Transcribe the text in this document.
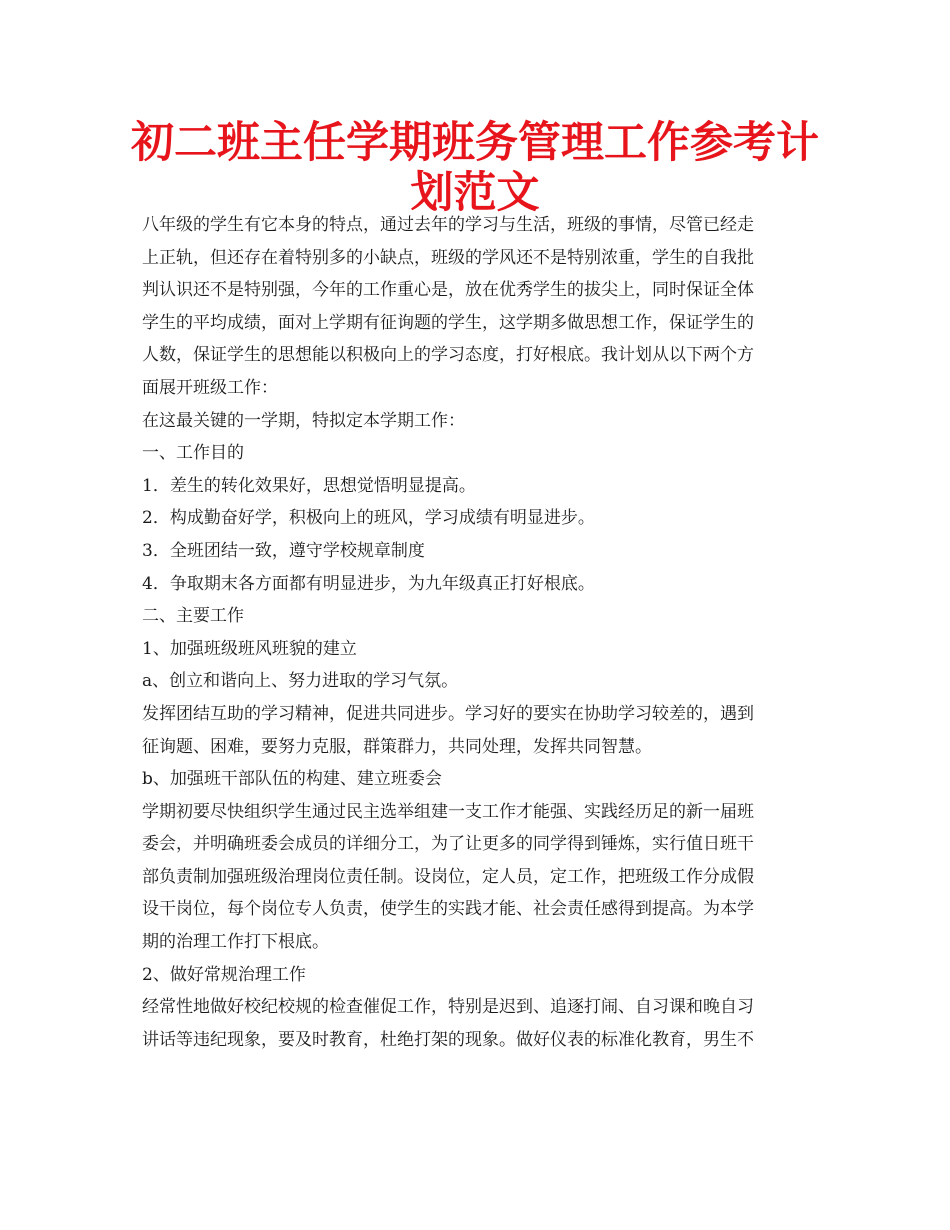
初二班主任学期班务管理工作参考计划范文
八年级的学生有它本身的特点，通过去年的学习与生活，班级的事情，尽管已经走
上正轨，但还存在着特别多的小缺点，班级的学风还不是特别浓重，学生的自我批
判认识还不是特别强，今年的工作重心是，放在优秀学生的拔尖上，同时保证全体
学生的平均成绩，面对上学期有征询题的学生，这学期多做思想工作，保证学生的
人数，保证学生的思想能以积极向上的学习态度，打好根底。我计划从以下两个方
面展开班级工作：
在这最关键的一学期，特拟定本学期工作：
一、工作目的
1．差生的转化效果好，思想觉悟明显提高。
2．构成勤奋好学，积极向上的班风，学习成绩有明显进步。
3．全班团结一致，遵守学校规章制度
4．争取期末各方面都有明显进步，为九年级真正打好根底。
二、主要工作
1、加强班级班风班貌的建立
a、创立和谐向上、努力进取的学习气氛。
发挥团结互助的学习精神，促进共同进步。学习好的要实在协助学习较差的，遇到
征询题、困难，要努力克服，群策群力，共同处理，发挥共同智慧。
b、加强班干部队伍的构建、建立班委会
学期初要尽快组织学生通过民主选举组建一支工作才能强、实践经历足的新一届班
委会，并明确班委会成员的详细分工，为了让更多的同学得到锤炼，实行值日班干
部负责制加强班级治理岗位责任制。设岗位，定人员，定工作，把班级工作分成假
设干岗位，每个岗位专人负责，使学生的实践才能、社会责任感得到提高。为本学
期的治理工作打下根底。
2、做好常规治理工作
经常性地做好校纪校规的检查催促工作，特别是迟到、追逐打闹、自习课和晚自习
讲话等违纪现象，要及时教育，杜绝打架的现象。做好仪表的标准化教育，男生不
